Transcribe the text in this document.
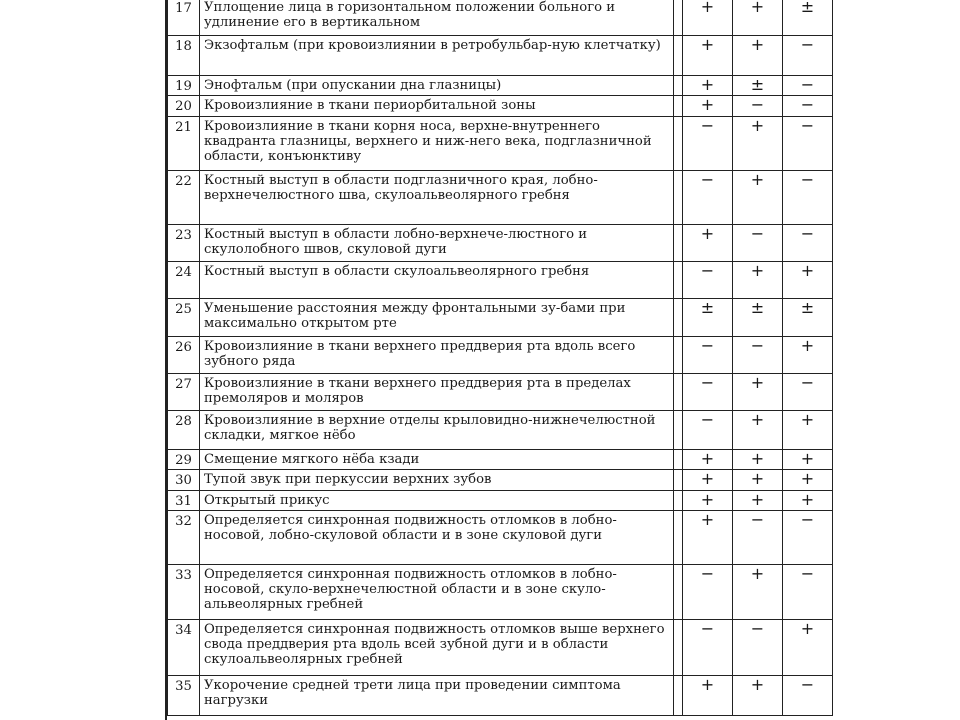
17	Уплощение лица в горизонтальном положении больного и удлинение его в вертикальном		+	+	±
18	Экзофтальм (при кровоизлиянии в ретробульбар-ную клетчатку)		+	+	−
19	Энофтальм (при опускании дна глазницы)		+	±	−
20	Кровоизлияние в ткани периорбитальной зоны		+	−	−
21	Кровоизлияние в ткани корня носа, верхне-внутреннего квадранта глазницы, верхнего и ниж-него века, подглазничной области, конъюнктиву		−	+	−
22	Костный выступ в области подглазничного края, лобно-верхнечелюстного шва, скулоальвеолярного гребня		−	+	−
23	Костный выступ в области лобно-верхнече-люстного и скулолобного швов, скуловой дуги		+	−	−
24	Костный выступ в области скулоальвеолярного гребня		−	+	+
25	Уменьшение расстояния между фронтальными зу-бами при максимально открытом рте		±	±	±
26	Кровоизлияние в ткани верхнего преддверия рта вдоль всего зубного ряда		−	−	+
27	Кровоизлияние в ткани верхнего преддверия рта в пределах премоляров и моляров		−	+	−
28	Кровоизлияние в верхние отделы крыловидно-нижнечелюстной складки, мягкое нёбо		−	+	+
29	Смещение мягкого нёба кзади		+	+	+
30	Тупой звук при перкуссии верхних зубов		+	+	+
31	Открытый прикус		+	+	+
32	Определяется синхронная подвижность отломков в лобно-носовой, лобно-скуловой области и в зоне скуловой дуги		+	−	−
33	Определяется синхронная подвижность отломков в лобно-носовой, скуло-верхнечелюстной области и в зоне скуло-альвеолярных гребней		−	+	−
34	Определяется синхронная подвижность отломков выше верхнего свода преддверия рта вдоль всей зубной дуги и в области скулоальвеолярных гребней		−	−	+
35	Укорочение средней трети лица при проведении симптома нагрузки		+	+	−
